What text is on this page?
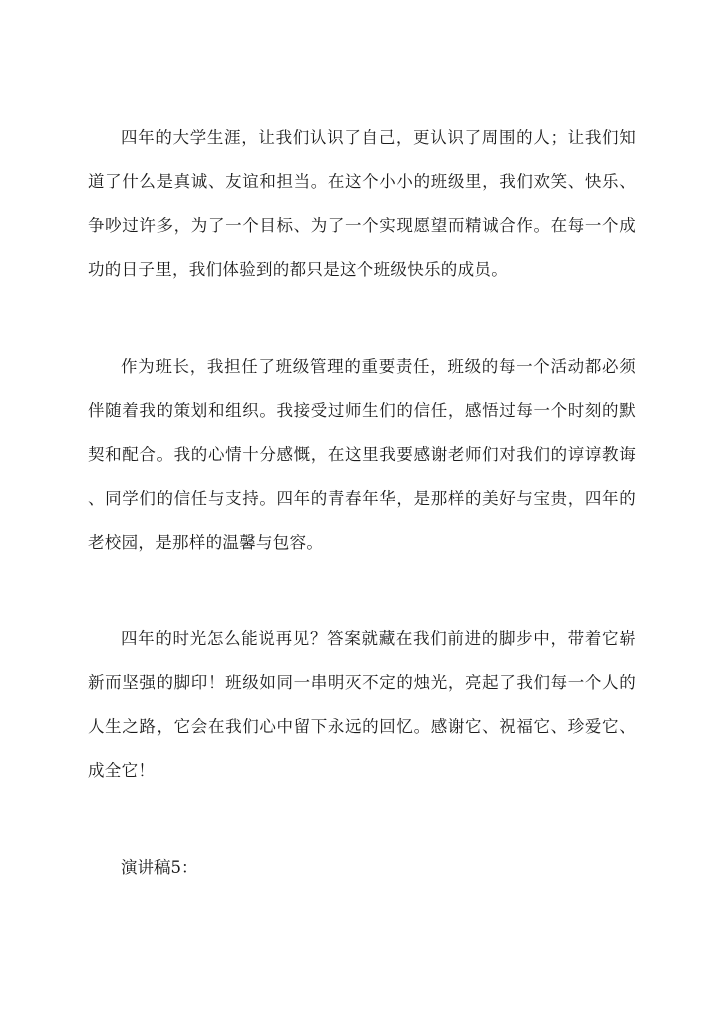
四年的大学生涯，让我们认识了自己，更认识了周围的人；让我们知
道了什么是真诚、友谊和担当。在这个小小的班级里，我们欢笑、快乐、
争吵过许多，为了一个目标、为了一个实现愿望而精诚合作。在每一个成
功的日子里，我们体验到的都只是这个班级快乐的成员。

作为班长，我担任了班级管理的重要责任，班级的每一个活动都必须
伴随着我的策划和组织。我接受过师生们的信任，感悟过每一个时刻的默
契和配合。我的心情十分感慨，在这里我要感谢老师们对我们的谆谆教诲
、同学们的信任与支持。四年的青春年华，是那样的美好与宝贵，四年的
老校园，是那样的温馨与包容。

四年的时光怎么能说再见？答案就藏在我们前进的脚步中，带着它崭
新而坚强的脚印！班级如同一串明灭不定的烛光，亮起了我们每一个人的
人生之路，它会在我们心中留下永远的回忆。感谢它、祝福它、珍爱它、
成全它！

演讲稿5：
